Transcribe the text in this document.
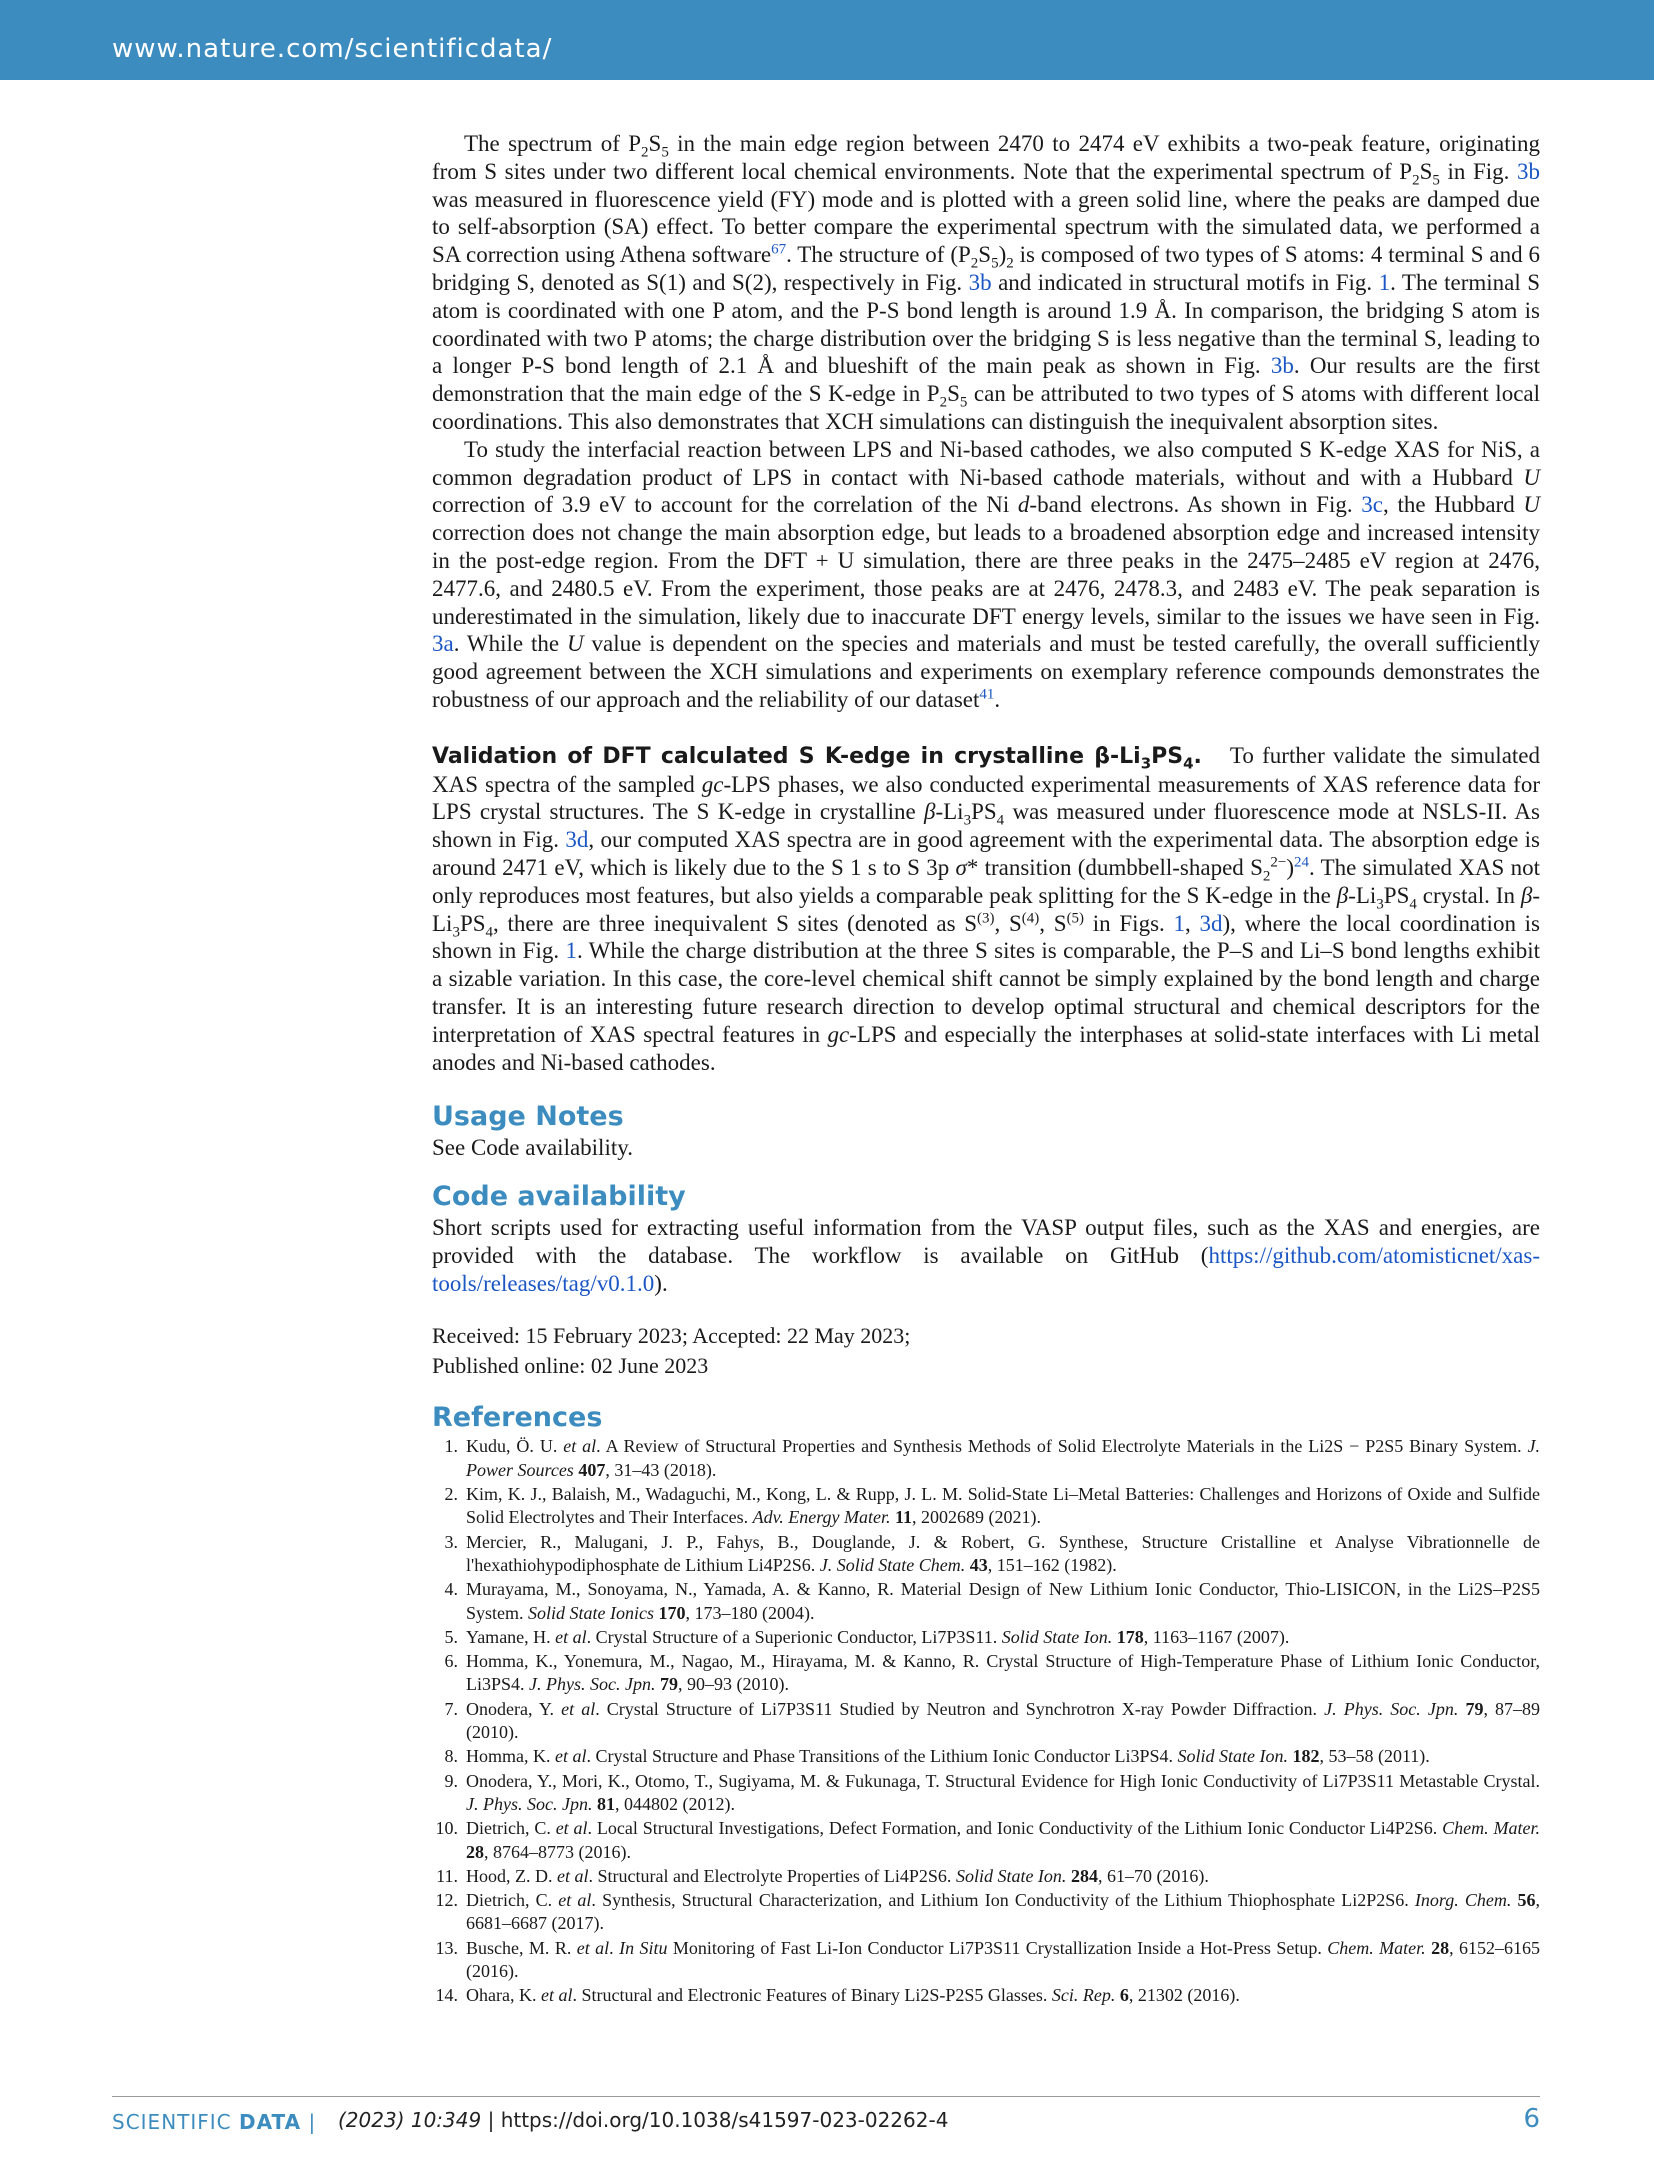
www.nature.com/scientificdata/

The spectrum of $P_2S_5$ in the main edge region between 2470 to 2474 eV exhibits a two-peak feature, originating from S sites under two different local chemical environments. Note that the experimental spectrum of $P_2S_5$ in Fig. 3b was measured in fluorescence yield (FY) mode and is plotted with a green solid line, where the peaks are damped due to self-absorption (SA) effect. To better compare the experimental spectrum with the simulated data, we performed a SA correction using Athena software$^{67}$. The structure of $(P_2S_5)_2$ is composed of two types of S atoms: 4 terminal S and 6 bridging S, denoted as S(1) and S(2), respectively in Fig. 3b and indicated in structural motifs in Fig. 1. The terminal S atom is coordinated with one P atom, and the P-S bond length is around 1.9 Å. In comparison, the bridging S atom is coordinated with two P atoms; the charge distribution over the bridging S is less negative than the terminal S, leading to a longer P-S bond length of 2.1 Å and blueshift of the main peak as shown in Fig. 3b. Our results are the first demonstration that the main edge of the S K-edge in $P_2S_5$ can be attributed to two types of S atoms with different local coordinations. This also demonstrates that XCH simulations can distinguish the inequivalent absorption sites.

To study the interfacial reaction between LPS and Ni-based cathodes, we also computed S K-edge XAS for NiS, a common degradation product of LPS in contact with Ni-based cathode materials, without and with a Hubbard U correction of 3.9 eV to account for the correlation of the Ni d-band electrons. As shown in Fig. 3c, the Hubbard U correction does not change the main absorption edge, but leads to a broadened absorption edge and increased intensity in the post-edge region. From the DFT + U simulation, there are three peaks in the 2475–2485 eV region at 2476, 2477.6, and 2480.5 eV. From the experiment, those peaks are at 2476, 2478.3, and 2483 eV. The peak separation is underestimated in the simulation, likely due to inaccurate DFT energy levels, similar to the issues we have seen in Fig. 3a. While the U value is dependent on the species and materials and must be tested carefully, the overall sufficiently good agreement between the XCH simulations and experiments on exemplary reference compounds demonstrates the robustness of our approach and the reliability of our dataset$^{41}$.

Validation of DFT calculated S K-edge in crystalline $\beta-Li_3PS_4$. To further validate the simulated XAS spectra of the sampled gc-LPS phases, we also conducted experimental measurements of XAS reference data for LPS crystal structures. The S K-edge in crystalline $\beta-Li_3PS_4$ was measured under fluorescence mode at NSLS-II. As shown in Fig. 3d, our computed XAS spectra are in good agreement with the experimental data. The absorption edge is around 2471 eV, which is likely due to the S 1 s to S 3p σ* transition (dumbbell-shaped $S_2^{2-})^{24}$. The simulated XAS not only reproduces most features, but also yields a comparable peak splitting for the S K-edge in the $\beta-Li_3PS_4$ crystal. In $\beta-Li_3PS_4$, there are three inequivalent S sites (denoted as $S^{(3)}$, $S^{(4)}$, $S^{(5)}$ in Figs. 1, 3d), where the local coordination is shown in Fig. 1. While the charge distribution at the three S sites is comparable, the P–S and Li–S bond lengths exhibit a sizable variation. In this case, the core-level chemical shift cannot be simply explained by the bond length and charge transfer. It is an interesting future research direction to develop optimal structural and chemical descriptors for the interpretation of XAS spectral features in gc-LPS and especially the interphases at solid-state interfaces with Li metal anodes and Ni-based cathodes.

Usage Notes

See Code availability.

Code availability

Short scripts used for extracting useful information from the VASP output files, such as the XAS and energies, are provided with the database. The workflow is available on GitHub (https://github.com/atomisticnet/xas-tools/releases/tag/v0.1.0).

Received: 15 February 2023; Accepted: 22 May 2023;

Published online: 02 June 2023

References
1. Kudu, Ö. U. et al. A Review of Structural Properties and Synthesis Methods of Solid Electrolyte Materials in the Li2S − P2S5 Binary System. J. Power Sources 407, 31–43 (2018).
2. Kim, K. J., Balaish, M., Wadaguchi, M., Kong, L. & Rupp, J. L. M. Solid-State Li–Metal Batteries: Challenges and Horizons of Oxide and Sulfide Solid Electrolytes and Their Interfaces. Adv. Energy Mater. 11, 2002689 (2021).
3. Mercier, R., Malugani, J. P., Fahys, B., Douglande, J. & Robert, G. Synthese, Structure Cristalline et Analyse Vibrationnelle de l'hexathiohypodiphosphate de Lithium Li4P2S6. J. Solid State Chem. 43, 151–162 (1982).
4. Murayama, M., Sonoyama, N., Yamada, A. & Kanno, R. Material Design of New Lithium Ionic Conductor, Thio-LISICON, in the Li2S–P2S5 System. Solid State Ionics 170, 173–180 (2004).
5. Yamane, H. et al. Crystal Structure of a Superionic Conductor, Li7P3S11. Solid State Ion. 178, 1163–1167 (2007).
6. Homma, K., Yonemura, M., Nagao, M., Hirayama, M. & Kanno, R. Crystal Structure of High-Temperature Phase of Lithium Ionic Conductor, Li3PS4. J. Phys. Soc. Jpn. 79, 90–93 (2010).
7. Onodera, Y. et al. Crystal Structure of Li7P3S11 Studied by Neutron and Synchrotron X-ray Powder Diffraction. J. Phys. Soc. Jpn. 79, 87–89 (2010).
8. Homma, K. et al. Crystal Structure and Phase Transitions of the Lithium Ionic Conductor Li3PS4. Solid State Ion. 182, 53–58 (2011).
9. Onodera, Y., Mori, K., Otomo, T., Sugiyama, M. & Fukunaga, T. Structural Evidence for High Ionic Conductivity of Li7P3S11 Metastable Crystal. J. Phys. Soc. Jpn. 81, 044802 (2012).
10. Dietrich, C. et al. Local Structural Investigations, Defect Formation, and Ionic Conductivity of the Lithium Ionic Conductor Li4P2S6. Chem. Mater. 28, 8764–8773 (2016).
11. Hood, Z. D. et al. Structural and Electrolyte Properties of Li4P2S6. Solid State Ion. 284, 61–70 (2016).
12. Dietrich, C. et al. Synthesis, Structural Characterization, and Lithium Ion Conductivity of the Lithium Thiophosphate Li2P2S6. Inorg. Chem. 56, 6681–6687 (2017).
13. Busche, M. R. et al. In Situ Monitoring of Fast Li-Ion Conductor Li7P3S11 Crystallization Inside a Hot-Press Setup. Chem. Mater. 28, 6152–6165 (2016).
14. Ohara, K. et al. Structural and Electronic Features of Binary Li2S-P2S5 Glasses. Sci. Rep. 6, 21302 (2016).
SCIENTIFIC DATA | (2023) 10:349 | https://doi.org/10.1038/s41597-023-02262-4	6
